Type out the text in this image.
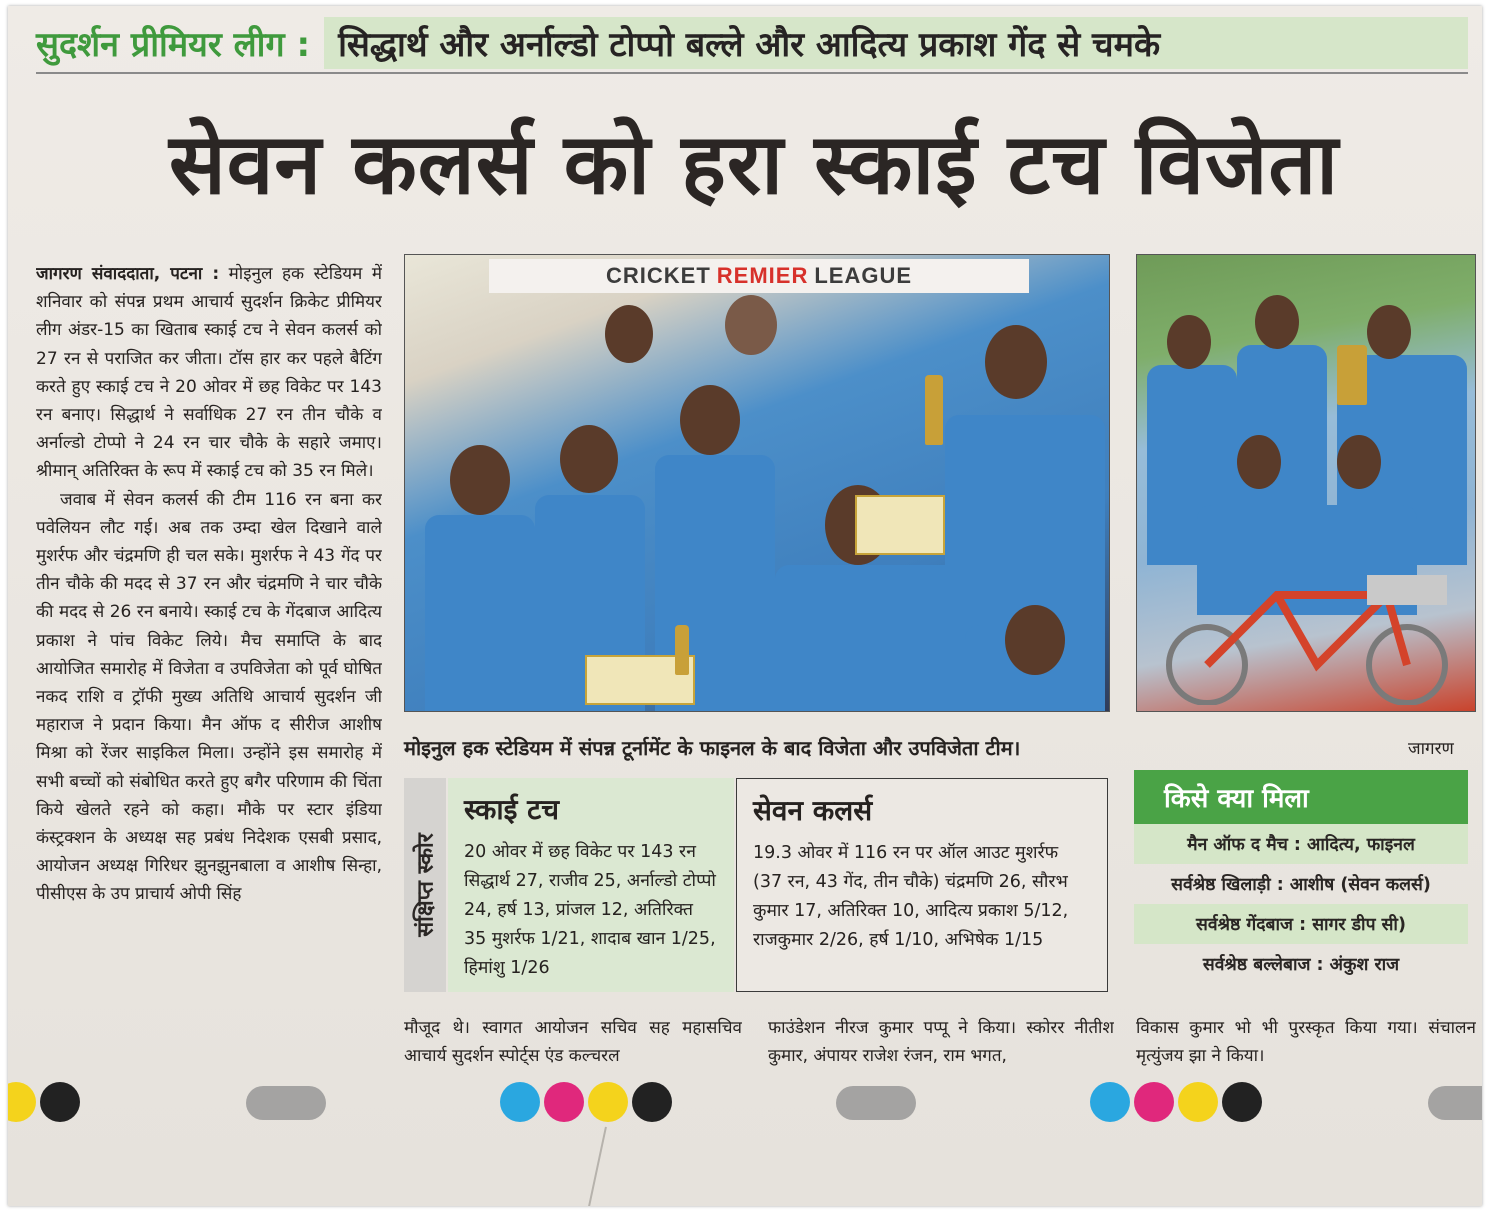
सुदर्शन प्रीमियर लीग : सिद्धार्थ और अर्नाल्डो टोप्पो बल्ले और आदित्य प्रकाश गेंद से चमके
सेवन कलर्स को हरा स्काई टच विजेता

जागरण संवाददाता, पटना : मोइनुल हक स्टेडियम में शनिवार को संपन्न प्रथम आचार्य सुदर्शन क्रिकेट प्रीमियर लीग अंडर-15 का खिताब स्काई टच ने सेवन कलर्स को 27 रन से पराजित कर जीता। टॉस हार कर पहले बैटिंग करते हुए स्काई टच ने 20 ओवर में छह विकेट पर 143 रन बनाए। सिद्धार्थ ने सर्वाधिक 27 रन तीन चौके व अर्नाल्डो टोप्पो ने 24 रन चार चौके के सहारे जमाए। श्रीमान् अतिरिक्त के रूप में स्काई टच को 35 रन मिले।

जवाब में सेवन कलर्स की टीम 116 रन बना कर पवेलियन लौट गई। अब तक उम्दा खेल दिखाने वाले मुशर्रफ और चंद्रमणि ही चल सके। मुशर्रफ ने 43 गेंद पर तीन चौके की मदद से 37 रन और चंद्रमणि ने चार चौके की मदद से 26 रन बनाये। स्काई टच के गेंदबाज आदित्य प्रकाश ने पांच विकेट लिये। मैच समाप्ति के बाद आयोजित समारोह में विजेता व उपविजेता को पूर्व घोषित नकद राशि व ट्रॉफी मुख्य अतिथि आचार्य सुदर्शन जी महाराज ने प्रदान किया। मैन ऑफ द सीरीज आशीष मिश्रा को रेंजर साइकिल मिला। उन्होंने इस समारोह में सभी बच्चों को संबोधित करते हुए बगैर परिणाम की चिंता किये खेलते रहने को कहा। मौके पर स्टार इंडिया कंस्ट्रक्शन के अध्यक्ष सह प्रबंध निदेशक एसबी प्रसाद, आयोजन अध्यक्ष गिरिधर झुनझुनबाला व आशीष सिन्हा, पीसीएस के उप प्राचार्य ओपी सिंह

CRICKET REMIER LEAGUE
मोइनुल हक स्टेडियम में संपन्न टूर्नामेंट के फाइनल के बाद विजेता और उपविजेता टीम।	जागरण
संक्षिप्त स्कोर
स्काई टच
20 ओवर में छह विकेट पर 143 रन सिद्धार्थ 27, राजीव 25, अर्नाल्डो टोप्पो 24, हर्ष 13, प्रांजल 12, अतिरिक्त 35 मुशर्रफ 1/21, शादाब खान 1/25, हिमांशु 1/26
सेवन कलर्स
19.3 ओवर में 116 रन पर ऑल आउट मुशर्रफ (37 रन, 43 गेंद, तीन चौके) चंद्रमणि 26, सौरभ कुमार 17, अतिरिक्त 10, आदित्य प्रकाश 5/12, राजकुमार 2/26, हर्ष 1/10, अभिषेक 1/15
किसे क्या मिला
मैन ऑफ द मैच : आदित्य, फाइनल
सर्वश्रेष्ठ खिलाड़ी : आशीष (सेवन कलर्स)
सर्वश्रेष्ठ गेंदबाज : सागर डीप सी)
सर्वश्रेष्ठ बल्लेबाज : अंकुश राज
मौजूद थे। स्वागत आयोजन सचिव सह महासचिव आचार्य सुदर्शन स्पोर्ट्स एंड कल्चरल
फाउंडेशन नीरज कुमार पप्पू ने किया। स्कोरर नीतीश कुमार, अंपायर राजेश रंजन, राम भगत,
विकास कुमार भो भी पुरस्कृत किया गया। संचालन मृत्युंजय झा ने किया।
